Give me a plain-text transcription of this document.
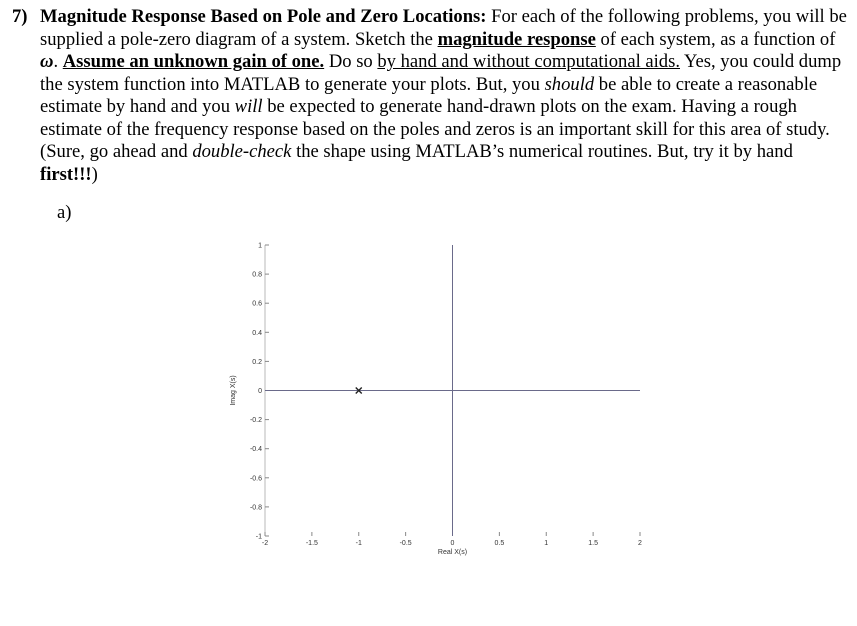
7) Magnitude Response Based on Pole and Zero Locations: For each of the following problems, you will be supplied a pole-zero diagram of a system. Sketch the magnitude response of each system, as a function of ω. Assume an unknown gain of one. Do so by hand and without computational aids. Yes, you could dump the system function into MATLAB to generate your plots. But, you should be able to create a reasonable estimate by hand and you will be expected to generate hand-drawn plots on the exam. Having a rough estimate of the frequency response based on the poles and zeros is an important skill for this area of study. (Sure, go ahead and double-check the shape using MATLAB’s numerical routines. But, try it by hand first!!!)
a)
-1
-0.8
-0.6
-0.4
-0.2
0
0.2
0.4
0.6
0.8
1
-2	-1.5	-1	-0.5	0	0.5	1	1.5	2
Real X(s)
Imag X(s)
